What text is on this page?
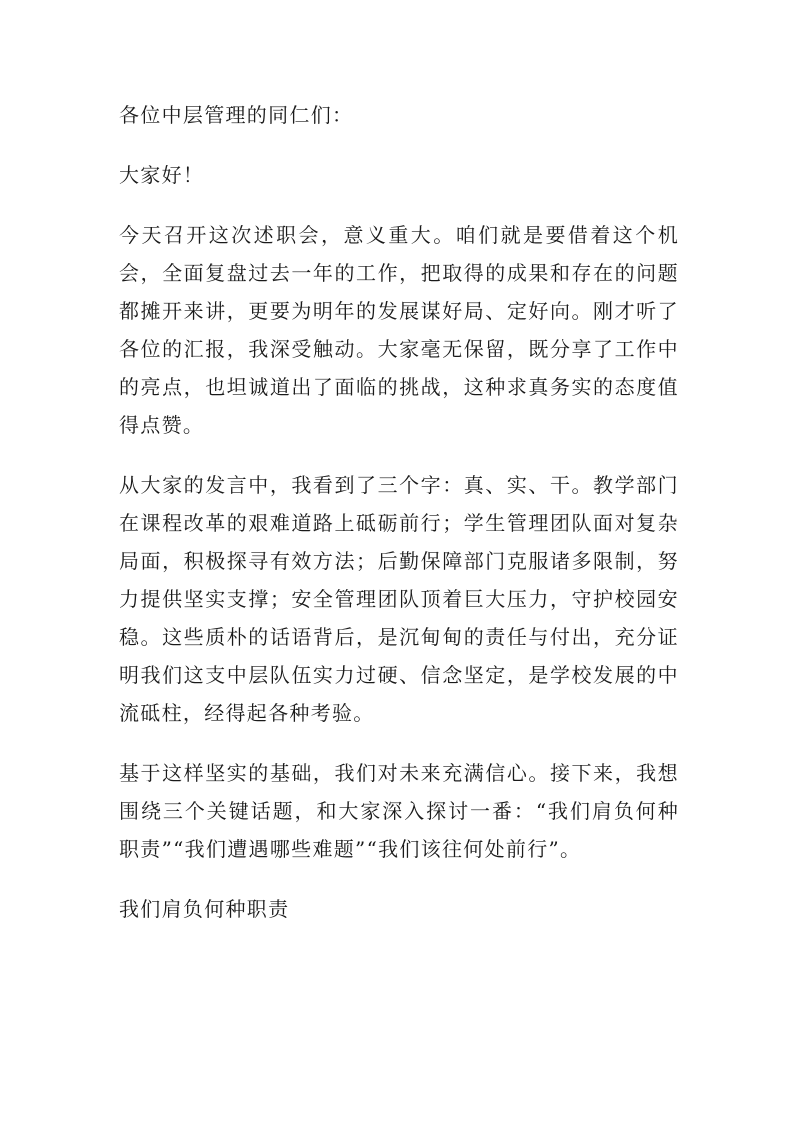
各位中层管理的同仁们：

大家好！

今天召开这次述职会，意义重大。咱们就是要借着这个机会，全面复盘过去一年的工作，把取得的成果和存在的问题都摊开来讲，更要为明年的发展谋好局、定好向。刚才听了各位的汇报，我深受触动。大家毫无保留，既分享了工作中的亮点，也坦诚道出了面临的挑战，这种求真务实的态度值得点赞。

从大家的发言中，我看到了三个字：真、实、干。教学部门在课程改革的艰难道路上砥砺前行；学生管理团队面对复杂局面，积极探寻有效方法；后勤保障部门克服诸多限制，努力提供坚实支撑；安全管理团队顶着巨大压力，守护校园安稳。这些质朴的话语背后，是沉甸甸的责任与付出，充分证明我们这支中层队伍实力过硬、信念坚定，是学校发展的中流砥柱，经得起各种考验。

基于这样坚实的基础，我们对未来充满信心。接下来，我想围绕三个关键话题，和大家深入探讨一番：“我们肩负何种职责”“我们遭遇哪些难题”“我们该往何处前行”。

我们肩负何种职责
